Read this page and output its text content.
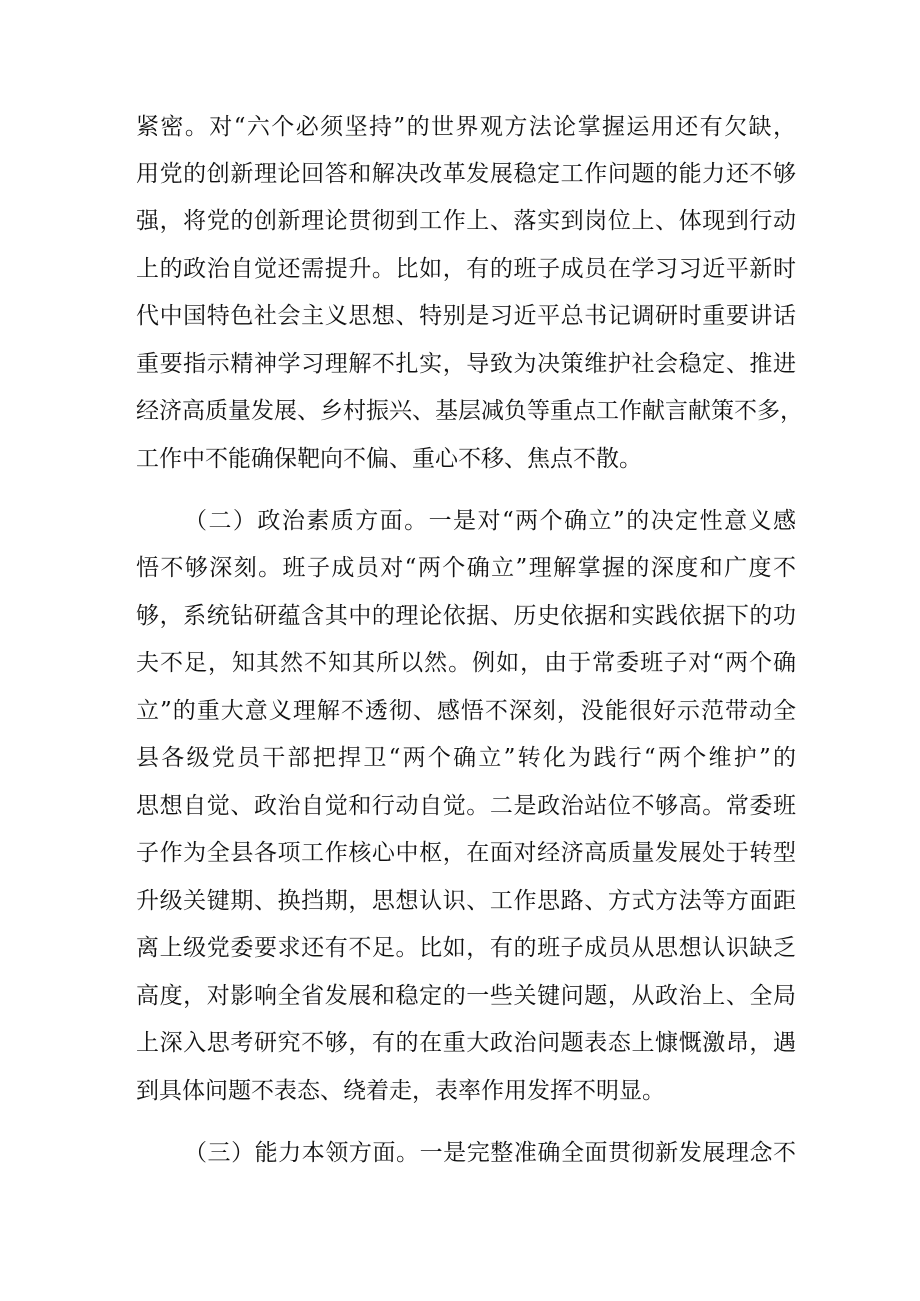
紧密。对“六个必须坚持”的世界观方法论掌握运用还有欠缺，
用党的创新理论回答和解决改革发展稳定工作问题的能力还不够
强，将党的创新理论贯彻到工作上、落实到岗位上、体现到行动
上的政治自觉还需提升。比如，有的班子成员在学习习近平新时
代中国特色社会主义思想、特别是习近平总书记调研时重要讲话
重要指示精神学习理解不扎实，导致为决策维护社会稳定、推进
经济高质量发展、乡村振兴、基层减负等重点工作献言献策不多，
工作中不能确保靶向不偏、重心不移、焦点不散。
（二）政治素质方面。一是对“两个确立”的决定性意义感
悟不够深刻。班子成员对“两个确立”理解掌握的深度和广度不
够，系统钻研蕴含其中的理论依据、历史依据和实践依据下的功
夫不足，知其然不知其所以然。例如，由于常委班子对“两个确
立”的重大意义理解不透彻、感悟不深刻，没能很好示范带动全
县各级党员干部把捍卫“两个确立”转化为践行“两个维护”的
思想自觉、政治自觉和行动自觉。二是政治站位不够高。常委班
子作为全县各项工作核心中枢，在面对经济高质量发展处于转型
升级关键期、换挡期，思想认识、工作思路、方式方法等方面距
离上级党委要求还有不足。比如，有的班子成员从思想认识缺乏
高度，对影响全省发展和稳定的一些关键问题，从政治上、全局
上深入思考研究不够，有的在重大政治问题表态上慷慨激昂，遇
到具体问题不表态、绕着走，表率作用发挥不明显。
（三）能力本领方面。一是完整准确全面贯彻新发展理念不
